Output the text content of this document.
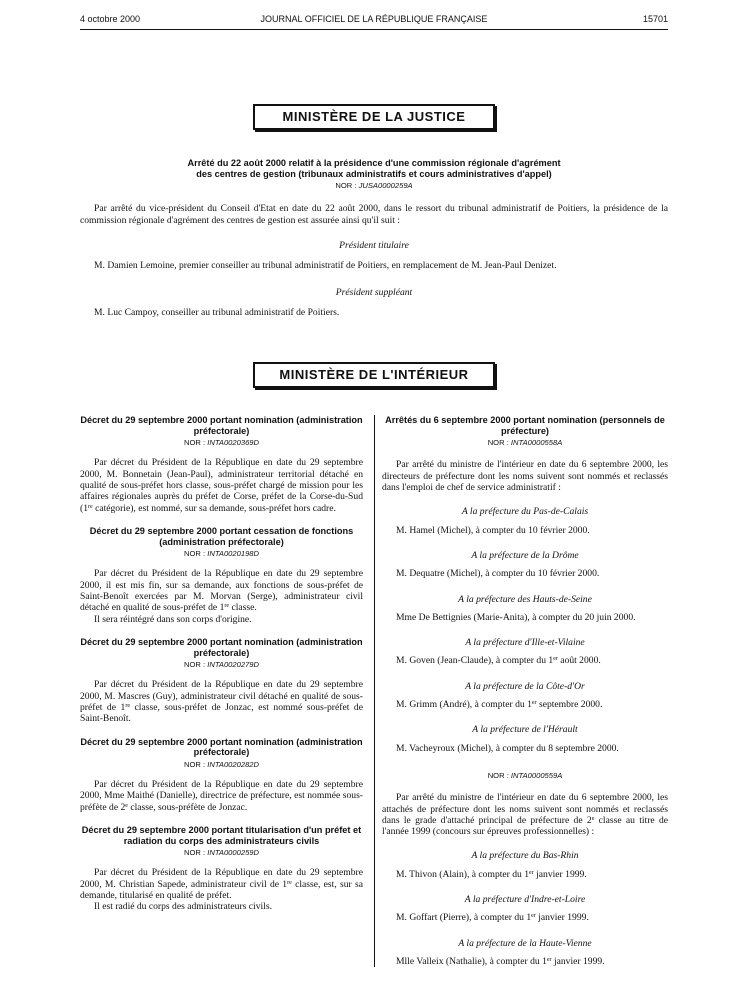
4 octobre 2000	JOURNAL OFFICIEL DE LA RÉPUBLIQUE FRANÇAISE	15701
MINISTÈRE DE LA JUSTICE
Arrêté du 22 août 2000 relatif à la présidence d'une commission régionale d'agrément
des centres de gestion (tribunaux administratifs et cours administratives d'appel)
NOR : JUSA0000259A

Par arrêté du vice-président du Conseil d'Etat en date du 22 août 2000, dans le ressort du tribunal administratif de Poitiers, la présidence de la commission régionale d'agrément des centres de gestion est assurée ainsi qu'il suit :

Président titulaire

M. Damien Lemoine, premier conseiller au tribunal administratif de Poitiers, en remplacement de M. Jean-Paul Denizet.

Président suppléant

M. Luc Campoy, conseiller au tribunal administratif de Poitiers.

MINISTÈRE DE L'INTÉRIEUR
Décret du 29 septembre 2000 portant nomination (administration préfectorale)
NOR : INTA0020369D

Par décret du Président de la République en date du 29 septembre 2000, M. Bonnetain (Jean-Paul), administrateur territorial détaché en qualité de sous-préfet hors classe, sous-préfet chargé de mission pour les affaires régionales auprès du préfet de Corse, préfet de la Corse-du-Sud (1re catégorie), est nommé, sur sa demande, sous-préfet hors cadre.

Décret du 29 septembre 2000 portant cessation de fonctions (administration préfectorale)
NOR : INTA0020198D

Par décret du Président de la République en date du 29 septembre 2000, il est mis fin, sur sa demande, aux fonctions de sous-préfet de Saint-Benoît exercées par M. Morvan (Serge), administrateur civil détaché en qualité de sous-préfet de 1re classe.

Il sera réintégré dans son corps d'origine.

Décret du 29 septembre 2000 portant nomination (administration préfectorale)
NOR : INTA0020279D

Par décret du Président de la République en date du 29 septembre 2000, M. Mascres (Guy), administrateur civil détaché en qualité de sous-préfet de 1re classe, sous-préfet de Jonzac, est nommé sous-préfet de Saint-Benoît.

Décret du 29 septembre 2000 portant nomination (administration préfectorale)
NOR : INTA0020282D

Par décret du Président de la République en date du 29 septembre 2000, Mme Maithé (Danielle), directrice de préfecture, est nommée sous-préfète de 2e classe, sous-préfète de Jonzac.

Décret du 29 septembre 2000 portant titularisation d'un préfet et radiation du corps des administrateurs civils
NOR : INTA0000259D

Par décret du Président de la République en date du 29 septembre 2000, M. Christian Sapede, administrateur civil de 1re classe, est, sur sa demande, titularisé en qualité de préfet.

Il est radié du corps des administrateurs civils.

Arrêtés du 6 septembre 2000 portant nomination (personnels de préfecture)
NOR : INTA0000558A

Par arrêté du ministre de l'intérieur en date du 6 septembre 2000, les directeurs de préfecture dont les noms suivent sont nommés et reclassés dans l'emploi de chef de service administratif :

A la préfecture du Pas-de-Calais

M. Hamel (Michel), à compter du 10 février 2000.

A la préfecture de la Drôme

M. Dequatre (Michel), à compter du 10 février 2000.

A la préfecture des Hauts-de-Seine

Mme De Bettignies (Marie-Anita), à compter du 20 juin 2000.

A la préfecture d'Ille-et-Vilaine

M. Goven (Jean-Claude), à compter du 1er août 2000.

A la préfecture de la Côte-d'Or

M. Grimm (André), à compter du 1er septembre 2000.

A la préfecture de l'Hérault

M. Vacheyroux (Michel), à compter du 8 septembre 2000.

NOR : INTA0000559A

Par arrêté du ministre de l'intérieur en date du 6 septembre 2000, les attachés de préfecture dont les noms suivent sont nommés et reclassés dans le grade d'attaché principal de préfecture de 2e classe au titre de l'année 1999 (concours sur épreuves professionnelles) :

A la préfecture du Bas-Rhin

M. Thivon (Alain), à compter du 1er janvier 1999.

A la préfecture d'Indre-et-Loire

M. Goffart (Pierre), à compter du 1er janvier 1999.

A la préfecture de la Haute-Vienne

Mlle Valleix (Nathalie), à compter du 1er janvier 1999.
